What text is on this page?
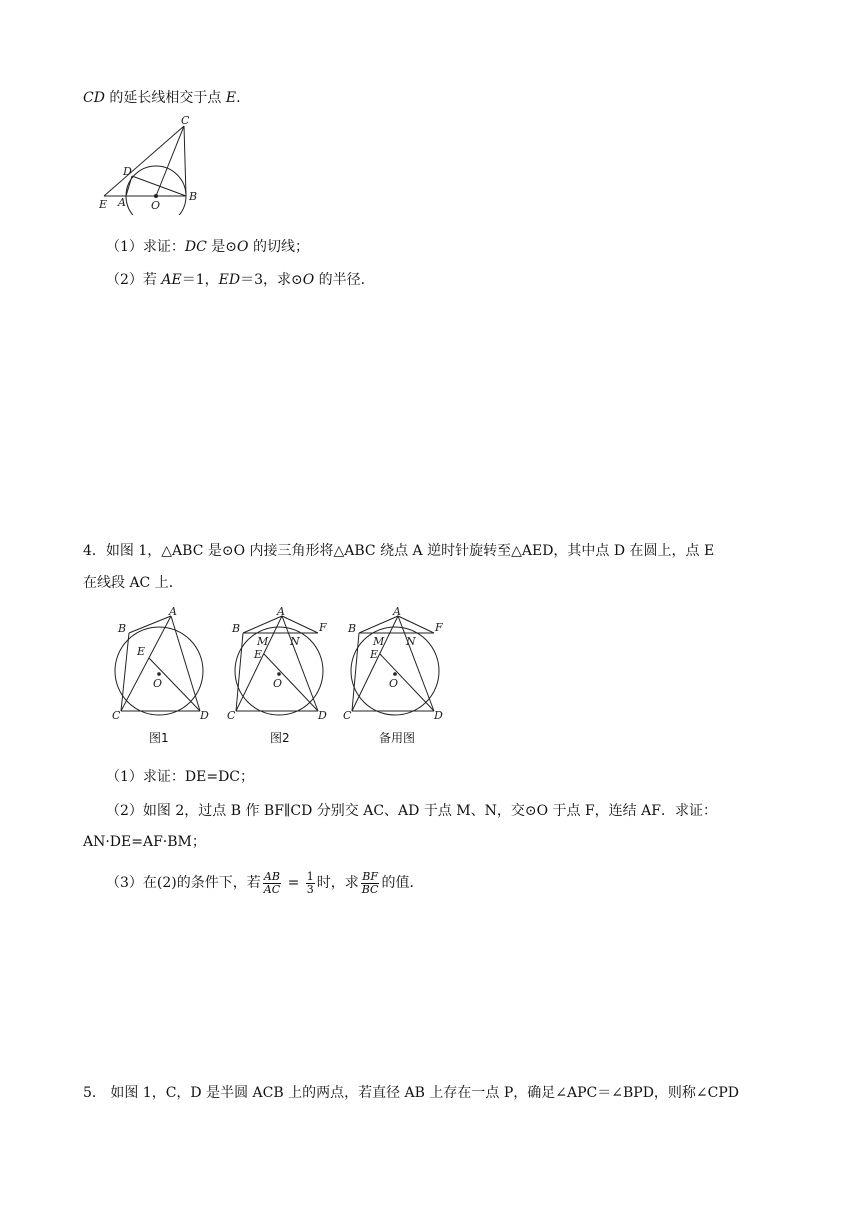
CD 的延长线相交于点 E.
C
D
E A O
B
（1）求证：DC 是⊙O 的切线；
（2）若 AE＝1，ED＝3，求⊙O 的半径．
4．如图 1，△ABC 是⊙O 内接三角形将△ABC 绕点 A 逆时针旋转至△AED，其中点 D 在圆上，点 E
在线段 AC 上．
A
B
E
O
C	D
图1
A
B	F
M N
E
O
C	D
图2
A
B	F
M N
E
O
C	D
备用图
（1）求证：DE=DC；
（2）如图 2，过点 B 作 BF∥CD 分别交 AC、AD 于点 M、N，交⊙O 于点 F，连结 AF．求证：
AN·DE=AF·BM；
（3）在(2)的条件下，若 $\frac{AB}{AC} = \frac{1}{3}$ 时，求 $\frac{BF}{BC}$ 的值．
5． 如图 1，C，D 是半圆 ACB 上的两点，若直径 AB 上存在一点 P，确足∠APC＝∠BPD，则称∠CPD
